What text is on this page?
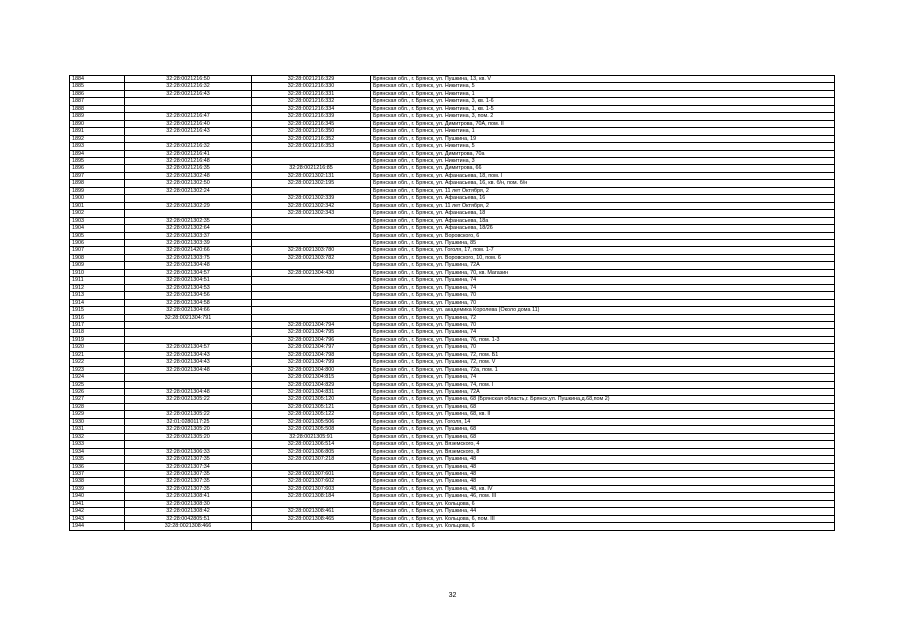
1884	32:28:0021216:50	32:28:0021216:329	Брянская обл., г. Брянск, ул. Пушкина, 13, кв. V
1885	32:28:0021216:32	32:28:0021216:330	Брянская обл., г. Брянск, ул. Никитина, 5
1886	32:28:0021216:43	32:28:0021216:331	Брянская обл., г. Брянск, ул. Никитина, 1
1887		32:28:0021216:332	Брянская обл., г. Брянск, ул. Никитина, 3, кв. 1-6
1888		32:28:0021216:334	Брянская обл., г. Брянск, ул. Никитина, 1, кв. 1-5
1889	32:28:0021216:47	32:28:0021216:339	Брянская обл., г. Брянск, ул. Никитина, 3, пом. 2
1890	32:28:0021216:40	32:28:0021216:345	Брянская обл., г. Брянск, ул. Димитрова, 70А, пом. II
1891	32:28:0021216:43	32:28:0021216:350	Брянская обл., г. Брянск, ул. Никитина, 1
1892		32:28:0021216:352	Брянская обл., г. Брянск, ул. Пушкина, 19
1893	32:28:0021216:32	32:28:0021216:353	Брянская обл., г. Брянск, ул. Никитина, 5
1894	32:28:0021216:41		Брянская обл., г. Брянск, ул. Димитрова, 70а
1895	32:28:0021216:48		Брянская обл., г. Брянск, ул. Никитина, 3
1896	32:28:0021216:35	32:28:0021216:85	Брянская обл., г. Брянск, ул. Димитрова, 66
1897	32:28:0021302:48	32:28:0021302:131	Брянская обл., г. Брянск, ул. Афанасьева, 18, пом. I
1898	32:28:0021302:50	32:28:0021302:195	Брянская обл., г. Брянск, ул. Афанасьева, 16, кв. б/н, пом. б/н
1899	32:28:0021302:24		Брянская обл., г. Брянск, ул. 11 лет Октября, 2
1900		32:28:0021302:339	Брянская обл., г. Брянск, ул. Афанасьева, 16
1901	32:28:0021302:29	32:28:0021302:342	Брянская обл., г. Брянск, ул. 11 лет Октября, 2
1902		32:28:0021302:343	Брянская обл., г. Брянск, ул. Афанасьева, 18
1903	32:28:0021302:35		Брянская обл., г. Брянск, ул. Афанасьева, 18а
1904	32:28:0021302:64		Брянская обл., г. Брянск, ул. Афанасьева, 18/26
1905	32:28:0021303:37		Брянская обл., г. Брянск, ул. Воровского, 6
1906	32:28:0021303:39		Брянская обл., г. Брянск, ул. Пушкина, 85
1907	32:28:0021420:66	32:28:0021303:780	Брянская обл., г. Брянск, ул. Гоголя, 17, пом. 1-7
1908	32:28:0021303:75	32:28:0021303:782	Брянская обл., г. Брянск, ул. Воровского, 10, пом. 6
1909	32:28:0021304:48		Брянская обл., г. Брянск, ул. Пушкина, 72А
1910	32:28:0021304:57	32:28:0021304:430	Брянская обл., г. Брянск, ул. Пушкина, 70, кв. Магазин
1911	32:28:0021304:51		Брянская обл., г. Брянск, ул. Пушкина, 74
1912	32:28:0021304:53		Брянская обл., г. Брянск, ул. Пушкина, 74
1913	32:28:0021304:56		Брянская обл., г. Брянск, ул. Пушкина, 70
1914	32:28:0021304:58		Брянская обл., г. Брянск, ул. Пушкина, 70
1915	32:28:0021304:66		Брянская обл., г. Брянск, ул. академика Королева (Около дома 11)
1916	32:28:0021304:791		Брянская обл., г. Брянск, ул. Пушкина, 72
1917		32:28:0021304:794	Брянская обл., г. Брянск, ул. Пушкина, 70
1918		32:28:0021304:795	Брянская обл., г. Брянск, ул. Пушкина, 74
1919		32:28:0021304:796	Брянская обл., г. Брянск, ул. Пушкина, 76, пом. 1-3
1920	32:28:0021304:57	32:28:0021304:797	Брянская обл., г. Брянск, ул. Пушкина, 70
1921	32:28:0021304:43	32:28:0021304:798	Брянская обл., г. Брянск, ул. Пушкина, 72, пом. Б1
1922	32:28:0021304:43	32:28:0021304:799	Брянская обл., г. Брянск, ул. Пушкина, 72, пом. V
1923	32:28:0021304:48	32:28:0021304:800	Брянская обл., г. Брянск, ул. Пушкина, 72а, пом. 1
1924		32:28:0021304:815	Брянская обл., г. Брянск, ул. Пушкина, 74
1925		32:28:0021304:829	Брянская обл., г. Брянск, ул. Пушкина, 74, пом. I
1926	32:28:0021304:48	32:28:0021304:831	Брянская обл., г. Брянск, ул. Пушкина, 72А
1927	32:28:0021305:22	32:28:0021305:120	Брянская обл., г. Брянск, ул. Пушкина, 68 (Брянская область,г. Брянск,ул. Пушкина,д.68,пом 2)
1928		32:28:0021305:121	Брянская обл., г. Брянск, ул. Пушкина, 68
1929	32:28:0021305:22	32:28:0021305:122	Брянская обл., г. Брянск, ул. Пушкина, 68, кв. II
1930	32:01:0280117:25	32:28:0021305:506	Брянская обл., г. Брянск, ул. Гоголя, 14
1931	32:28:0021305:20	32:28:0021305:508	Брянская обл., г. Брянск, ул. Пушкина, 68
1932	32:28:0021305:20	32:28:0021305:91	Брянская обл., г. Брянск, ул. Пушкина, 68
1933		32:28:0021306:514	Брянская обл., г. Брянск, ул. Вяземского, 4
1934	32:28:0021306:33	32:28:0021306:805	Брянская обл., г. Брянск, ул. Вяземского, 8
1935	32:28:0021307:35	32:28:0021307:218	Брянская обл., г. Брянск, ул. Пушкина, 48
1936	32:28:0021307:34		Брянская обл., г. Брянск, ул. Пушкина, 48
1937	32:28:0021307:35	32:28:0021307:601	Брянская обл., г. Брянск, ул. Пушкина, 48
1938	32:28:0021307:35	32:28:0021307:602	Брянская обл., г. Брянск, ул. Пушкина, 48
1939	32:28:0021307:35	32:28:0021307:603	Брянская обл., г. Брянск, ул. Пушкина, 48, кв. IV
1940	32:28:0021308:41	32:28:0021308:184	Брянская обл., г. Брянск, ул. Пушкина, 46, пом. III
1941	32:28:0021308:30		Брянская обл., г. Брянск, ул. Кольцова, 6
1942	32:28:0021308:42	32:28:0021308:461	Брянская обл., г. Брянск, ул. Пушкина, 44
1943	32:28:0042805:51	32:28:0021308:465	Брянская обл., г. Брянск, ул. Кольцова, 6, пом. III
1944	32:28:0021308:466		Брянская обл., г. Брянск, ул. Кольцова, 6
32
